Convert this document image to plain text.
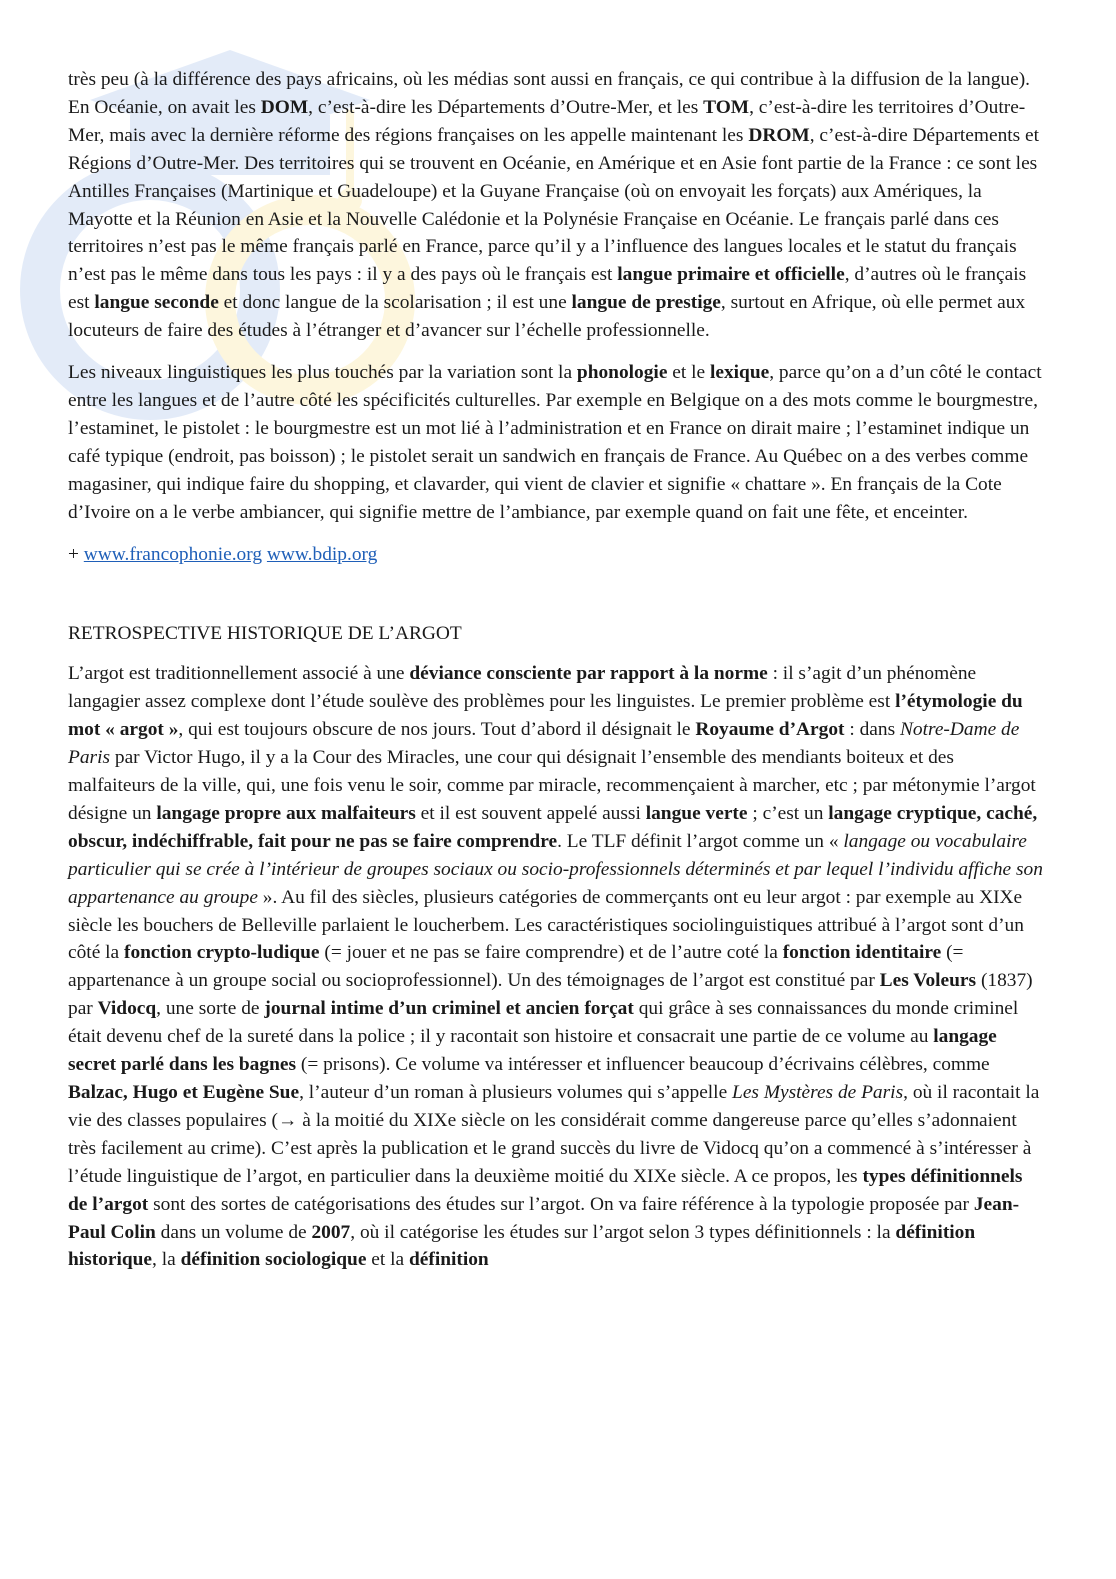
très peu (à la différence des pays africains, où les médias sont aussi en français, ce qui contribue à la diffusion de la langue). En Océanie, on avait les DOM, c’est-à-dire les Départements d’Outre-Mer, et les TOM, c’est-à-dire les territoires d’Outre-Mer, mais avec la dernière réforme des régions françaises on les appelle maintenant les DROM, c’est-à-dire Départements et Régions d’Outre-Mer. Des territoires qui se trouvent en Océanie, en Amérique et en Asie font partie de la France : ce sont les Antilles Françaises (Martinique et Guadeloupe) et la Guyane Française (où on envoyait les forçats) aux Amériques, la Mayotte et la Réunion en Asie et la Nouvelle Calédonie et la Polynésie Française en Océanie. Le français parlé dans ces territoires n’est pas le même français parlé en France, parce qu’il y a l’influence des langues locales et le statut du français n’est pas le même dans tous les pays : il y a des pays où le français est langue primaire et officielle, d’autres où le français est langue seconde et donc langue de la scolarisation ; il est une langue de prestige, surtout en Afrique, où elle permet aux locuteurs de faire des études à l’étranger et d’avancer sur l’échelle professionnelle.

Les niveaux linguistiques les plus touchés par la variation sont la phonologie et le lexique, parce qu’on a d’un côté le contact entre les langues et de l’autre côté les spécificités culturelles. Par exemple en Belgique on a des mots comme le bourgmestre, l’estaminet, le pistolet : le bourgmestre est un mot lié à l’administration et en France on dirait maire ; l’estaminet indique un café typique (endroit, pas boisson) ; le pistolet serait un sandwich en français de France. Au Québec on a des verbes comme magasiner, qui indique faire du shopping, et clavarder, qui vient de clavier et signifie « chattare ». En français de la Cote d’Ivoire on a le verbe ambiancer, qui signifie mettre de l’ambiance, par exemple quand on fait une fête, et enceinter.

+ www.francophonie.org www.bdip.org

RETROSPECTIVE HISTORIQUE DE L’ARGOT

L’argot est traditionnellement associé à une déviance consciente par rapport à la norme : il s’agit d’un phénomène langagier assez complexe dont l’étude soulève des problèmes pour les linguistes. Le premier problème est l’étymologie du mot « argot », qui est toujours obscure de nos jours. Tout d’abord il désignait le Royaume d’Argot : dans Notre-Dame de Paris par Victor Hugo, il y a la Cour des Miracles, une cour qui désignait l’ensemble des mendiants boiteux et des malfaiteurs de la ville, qui, une fois venu le soir, comme par miracle, recommençaient à marcher, etc ; par métonymie l’argot désigne un langage propre aux malfaiteurs et il est souvent appelé aussi langue verte ; c’est un langage cryptique, caché, obscur, indéchiffrable, fait pour ne pas se faire comprendre. Le TLF définit l’argot comme un « langage ou vocabulaire particulier qui se crée à l’intérieur de groupes sociaux ou socio-professionnels déterminés et par lequel l’individu affiche son appartenance au groupe ». Au fil des siècles, plusieurs catégories de commerçants ont eu leur argot : par exemple au XIXe siècle les bouchers de Belleville parlaient le loucherbem. Les caractéristiques sociolinguistiques attribué à l’argot sont d’un côté la fonction crypto-ludique (= jouer et ne pas se faire comprendre) et de l’autre coté la fonction identitaire (= appartenance à un groupe social ou socioprofessionnel). Un des témoignages de l’argot est constitué par Les Voleurs (1837) par Vidocq, une sorte de journal intime d’un criminel et ancien forçat qui grâce à ses connaissances du monde criminel était devenu chef de la sureté dans la police ; il y racontait son histoire et consacrait une partie de ce volume au langage secret parlé dans les bagnes (= prisons). Ce volume va intéresser et influencer beaucoup d’écrivains célèbres, comme Balzac, Hugo et Eugène Sue, l’auteur d’un roman à plusieurs volumes qui s’appelle Les Mystères de Paris, où il racontait la vie des classes populaires (→ à la moitié du XIXe siècle on les considérait comme dangereuse parce qu’elles s’adonnaient très facilement au crime). C’est après la publication et le grand succès du livre de Vidocq qu’on a commencé à s’intéresser à l’étude linguistique de l’argot, en particulier dans la deuxième moitié du XIXe siècle. A ce propos, les types définitionnels de l’argot sont des sortes de catégorisations des études sur l’argot. On va faire référence à la typologie proposée par Jean-Paul Colin dans un volume de 2007, où il catégorise les études sur l’argot selon 3 types définitionnels : la définition historique, la définition sociologique et la définition
